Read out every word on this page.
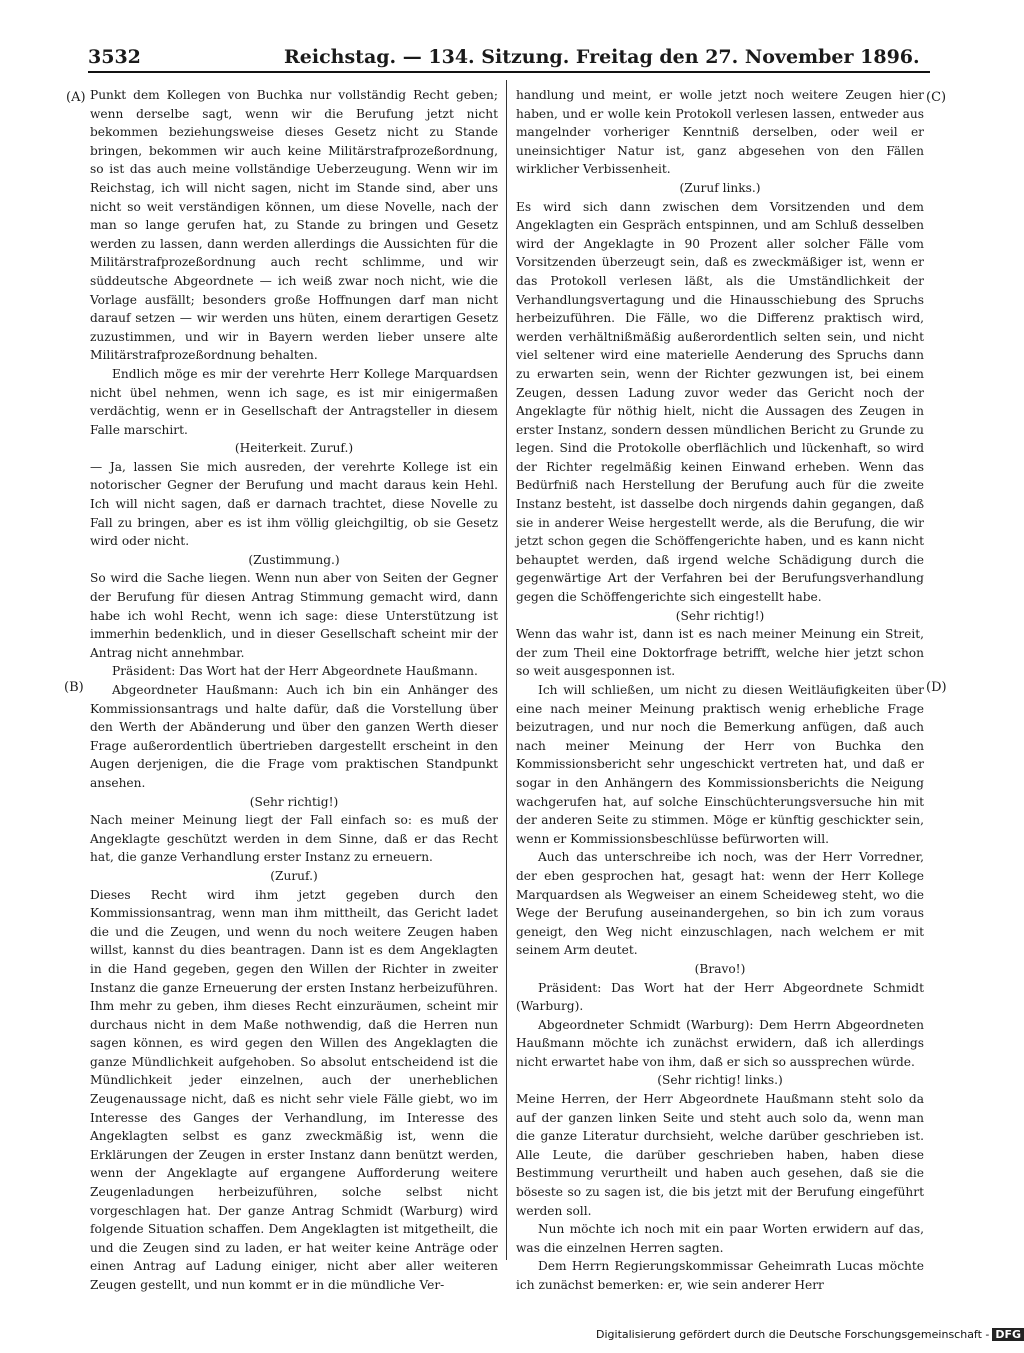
3532	Reichstag. — 134. Sitzung. Freitag den 27. November 1896.
(A)
(B)
(C)
(D)

Punkt dem Kollegen von Buchka nur vollständig Recht geben; wenn derselbe sagt, wenn wir die Berufung jetzt nicht bekommen beziehungsweise dieses Gesetz nicht zu Stande bringen, bekommen wir auch keine Militärstrafprozeßordnung, so ist das auch meine vollständige Ueberzeugung. Wenn wir im Reichstag, ich will nicht sagen, nicht im Stande sind, aber uns nicht so weit verständigen können, um diese Novelle, nach der man so lange gerufen hat, zu Stande zu bringen und Gesetz werden zu lassen, dann werden allerdings die Aussichten für die Militärstrafprozeßordnung auch recht schlimme, und wir süddeutsche Abgeordnete — ich weiß zwar noch nicht, wie die Vorlage ausfällt; besonders große Hoffnungen darf man nicht darauf setzen — wir werden uns hüten, einem derartigen Gesetz zuzustimmen, und wir in Bayern werden lieber unsere alte Militärstrafprozeßordnung behalten.

Endlich möge es mir der verehrte Herr Kollege Marquardsen nicht übel nehmen, wenn ich sage, es ist mir einigermaßen verdächtig, wenn er in Gesellschaft der Antragsteller in diesem Falle marschirt.

(Heiterkeit. Zuruf.)

— Ja, lassen Sie mich ausreden, der verehrte Kollege ist ein notorischer Gegner der Berufung und macht daraus kein Hehl. Ich will nicht sagen, daß er darnach trachtet, diese Novelle zu Fall zu bringen, aber es ist ihm völlig gleichgiltig, ob sie Gesetz wird oder nicht.

(Zustimmung.)

So wird die Sache liegen. Wenn nun aber von Seiten der Gegner der Berufung für diesen Antrag Stimmung gemacht wird, dann habe ich wohl Recht, wenn ich sage: diese Unterstützung ist immerhin bedenklich, und in dieser Gesellschaft scheint mir der Antrag nicht annehmbar.

Präsident: Das Wort hat der Herr Abgeordnete Haußmann.

Abgeordneter Haußmann: Auch ich bin ein Anhänger des Kommissionsantrags und halte dafür, daß die Vorstellung über den Werth der Abänderung und über den ganzen Werth dieser Frage außerordentlich übertrieben dargestellt erscheint in den Augen derjenigen, die die Frage vom praktischen Standpunkt ansehen.

(Sehr richtig!)

Nach meiner Meinung liegt der Fall einfach so: es muß der Angeklagte geschützt werden in dem Sinne, daß er das Recht hat, die ganze Verhandlung erster Instanz zu erneuern.

(Zuruf.)

Dieses Recht wird ihm jetzt gegeben durch den Kommissionsantrag, wenn man ihm mittheilt, das Gericht ladet die und die Zeugen, und wenn du noch weitere Zeugen haben willst, kannst du dies beantragen. Dann ist es dem Angeklagten in die Hand gegeben, gegen den Willen der Richter in zweiter Instanz die ganze Erneuerung der ersten Instanz herbeizuführen. Ihm mehr zu geben, ihm dieses Recht einzuräumen, scheint mir durchaus nicht in dem Maße nothwendig, daß die Herren nun sagen können, es wird gegen den Willen des Angeklagten die ganze Mündlichkeit aufgehoben. So absolut entscheidend ist die Mündlichkeit jeder einzelnen, auch der unerheblichen Zeugenaussage nicht, daß es nicht sehr viele Fälle giebt, wo im Interesse des Ganges der Verhandlung, im Interesse des Angeklagten selbst es ganz zweckmäßig ist, wenn die Erklärungen der Zeugen in erster Instanz dann benützt werden, wenn der Angeklagte auf ergangene Aufforderung weitere Zeugenladungen herbeizuführen, solche selbst nicht vorgeschlagen hat. Der ganze Antrag Schmidt (Warburg) wird folgende Situation schaffen. Dem Angeklagten ist mitgetheilt, die und die Zeugen sind zu laden, er hat weiter keine Anträge oder einen Antrag auf Ladung einiger, nicht aber aller weiteren Zeugen gestellt, und nun kommt er in die mündliche Ver-

handlung und meint, er wolle jetzt noch weitere Zeugen hier haben, und er wolle kein Protokoll verlesen lassen, entweder aus mangelnder vorheriger Kenntniß derselben, oder weil er uneinsichtiger Natur ist, ganz abgesehen von den Fällen wirklicher Verbissenheit.

(Zuruf links.)

Es wird sich dann zwischen dem Vorsitzenden und dem Angeklagten ein Gespräch entspinnen, und am Schluß desselben wird der Angeklagte in 90 Prozent aller solcher Fälle vom Vorsitzenden überzeugt sein, daß es zweckmäßiger ist, wenn er das Protokoll verlesen läßt, als die Umständlichkeit der Verhandlungsvertagung und die Hinausschiebung des Spruchs herbeizuführen. Die Fälle, wo die Differenz praktisch wird, werden verhältnißmäßig außerordentlich selten sein, und nicht viel seltener wird eine materielle Aenderung des Spruchs dann zu erwarten sein, wenn der Richter gezwungen ist, bei einem Zeugen, dessen Ladung zuvor weder das Gericht noch der Angeklagte für nöthig hielt, nicht die Aussagen des Zeugen in erster Instanz, sondern dessen mündlichen Bericht zu Grunde zu legen. Sind die Protokolle oberflächlich und lückenhaft, so wird der Richter regelmäßig keinen Einwand erheben. Wenn das Bedürfniß nach Herstellung der Berufung auch für die zweite Instanz besteht, ist dasselbe doch nirgends dahin gegangen, daß sie in anderer Weise hergestellt werde, als die Berufung, die wir jetzt schon gegen die Schöffengerichte haben, und es kann nicht behauptet werden, daß irgend welche Schädigung durch die gegenwärtige Art der Verfahren bei der Berufungsverhandlung gegen die Schöffengerichte sich eingestellt habe.

(Sehr richtig!)

Wenn das wahr ist, dann ist es nach meiner Meinung ein Streit, der zum Theil eine Doktorfrage betrifft, welche hier jetzt schon so weit ausgesponnen ist.

Ich will schließen, um nicht zu diesen Weitläufigkeiten über eine nach meiner Meinung praktisch wenig erhebliche Frage beizutragen, und nur noch die Bemerkung anfügen, daß auch nach meiner Meinung der Herr von Buchka den Kommissionsbericht sehr ungeschickt vertreten hat, und daß er sogar in den Anhängern des Kommissionsberichts die Neigung wachgerufen hat, auf solche Einschüchterungsversuche hin mit der anderen Seite zu stimmen. Möge er künftig geschickter sein, wenn er Kommissionsbeschlüsse befürworten will.

Auch das unterschreibe ich noch, was der Herr Vorredner, der eben gesprochen hat, gesagt hat: wenn der Herr Kollege Marquardsen als Wegweiser an einem Scheideweg steht, wo die Wege der Berufung auseinandergehen, so bin ich zum voraus geneigt, den Weg nicht einzuschlagen, nach welchem er mit seinem Arm deutet.

(Bravo!)

Präsident: Das Wort hat der Herr Abgeordnete Schmidt (Warburg).

Abgeordneter Schmidt (Warburg): Dem Herrn Abgeordneten Haußmann möchte ich zunächst erwidern, daß ich allerdings nicht erwartet habe von ihm, daß er sich so aussprechen würde.

(Sehr richtig! links.)

Meine Herren, der Herr Abgeordnete Haußmann steht solo da auf der ganzen linken Seite und steht auch solo da, wenn man die ganze Literatur durchsieht, welche darüber geschrieben ist. Alle Leute, die darüber geschrieben haben, haben diese Bestimmung verurtheilt und haben auch gesehen, daß sie die böseste so zu sagen ist, die bis jetzt mit der Berufung eingeführt werden soll.

Nun möchte ich noch mit ein paar Worten erwidern auf das, was die einzelnen Herren sagten.

Dem Herrn Regierungskommissar Geheimrath Lucas möchte ich zunächst bemerken: er, wie sein anderer Herr

Digitalisierung gefördert durch die Deutsche Forschungsgemeinschaft - DFG
